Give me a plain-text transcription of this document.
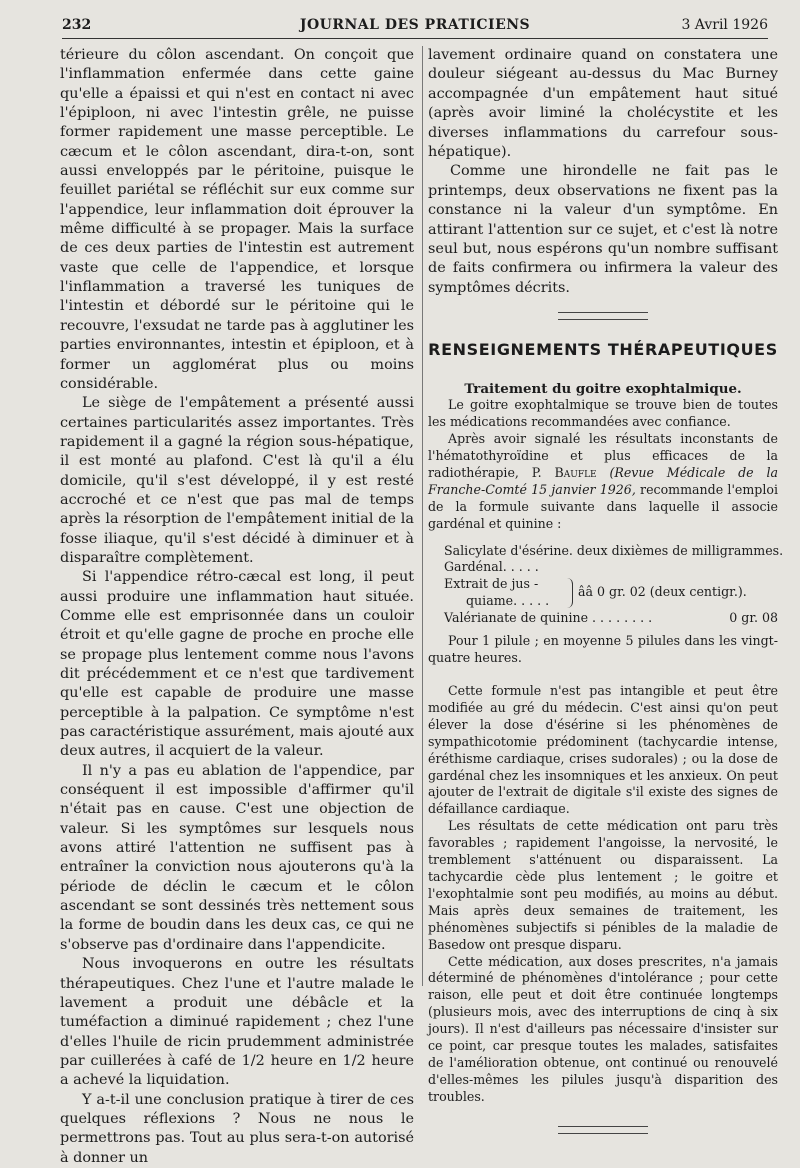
232	JOURNAL DES PRATICIENS	3 Avril 1926

térieure du côlon ascendant. On conçoit que l'inflammation enfermée dans cette gaine qu'elle a épaissi et qui n'est en contact ni avec l'épiploon, ni avec l'intestin grêle, ne puisse former rapidement une masse perceptible. Le cæcum et le côlon ascendant, dira-t-on, sont aussi enveloppés par le péritoine, puisque le feuillet pariétal se réfléchit sur eux comme sur l'appendice, leur inflammation doit éprouver la même difficulté à se propager. Mais la surface de ces deux parties de l'intestin est autrement vaste que celle de l'appendice, et lorsque l'inflammation a traversé les tuniques de l'intestin et débordé sur le péritoine qui le recouvre, l'exsudat ne tarde pas à agglutiner les parties environnantes, intestin et épiploon, et à former un agglomérat plus ou moins considérable.

Le siège de l'empâtement a présenté aussi certaines particularités assez importantes. Très rapidement il a gagné la région sous-hépatique, il est monté au plafond. C'est là qu'il a élu domicile, qu'il s'est développé, il y est resté accroché et ce n'est que pas mal de temps après la résorption de l'empâtement initial de la fosse iliaque, qu'il s'est décidé à diminuer et à disparaître complètement.

Si l'appendice rétro-cæcal est long, il peut aussi produire une inflammation haut située. Comme elle est emprisonnée dans un couloir étroit et qu'elle gagne de proche en proche elle se propage plus lentement comme nous l'avons dit précédemment et ce n'est que tardivement qu'elle est capable de produire une masse perceptible à la palpation. Ce symptôme n'est pas caractéristique assurément, mais ajouté aux deux autres, il acquiert de la valeur.

Il n'y a pas eu ablation de l'appendice, par conséquent il est impossible d'affirmer qu'il n'était pas en cause. C'est une objection de valeur. Si les symptômes sur lesquels nous avons attiré l'attention ne suffisent pas à entraîner la conviction nous ajouterons qu'à la période de déclin le cæcum et le côlon ascendant se sont dessinés très nettement sous la forme de boudin dans les deux cas, ce qui ne s'observe pas d'ordinaire dans l'appendicite.

Nous invoquerons en outre les résultats thérapeutiques. Chez l'une et l'autre malade le lavement a produit une débâcle et la tuméfaction a diminué rapidement ; chez l'une d'elles l'huile de ricin prudemment administrée par cuillerées à café de 1/2 heure en 1/2 heure a achevé la liquidation.

Y a-t-il une conclusion pratique à tirer de ces quelques réflexions ? Nous ne nous le permettrons pas. Tout au plus sera-t-on autorisé à donner un

lavement ordinaire quand on constatera une douleur siégeant au-dessus du Mac Burney accompagnée d'un empâtement haut situé (après avoir liminé la cholécystite et les diverses inflammations du carrefour sous-hépatique).

Comme une hirondelle ne fait pas le printemps, deux observations ne fixent pas la constance ni la valeur d'un symptôme. En attirant l'attention sur ce sujet, et c'est là notre seul but, nous espérons qu'un nombre suffisant de faits confirmera ou infirmera la valeur des symptômes décrits.

RENSEIGNEMENTS THÉRAPEUTIQUES
Traitement du goitre exophtalmique.

Le goitre exophtalmique se trouve bien de toutes les médications recommandées avec confiance.

Après avoir signalé les résultats inconstants de l'hématothyroïdine et plus efficaces de la radiothérapie, P. Baufle (Revue Médicale de la Franche-Comté 15 janvier 1926, recommande l'emploi de la formule suivante dans laquelle il associe gardénal et quinine :

Salicylate d'ésérine. deux dixièmes de milligrammes.
Gardénal. . . . .
Extrait de jus -
quiame. . . . .
ââ 0 gr. 02 (deux centigr.).
Valérianate de quinine . . . . . . . .	0 gr. 08

Pour 1 pilule ; en moyenne 5 pilules dans les vingt-quatre heures.

Cette formule n'est pas intangible et peut être modifiée au gré du médecin. C'est ainsi qu'on peut élever la dose d'ésérine si les phénomènes de sympathicotomie prédominent (tachycardie intense, éréthisme cardiaque, crises sudorales) ; ou la dose de gardénal chez les insomniques et les anxieux. On peut ajouter de l'extrait de digitale s'il existe des signes de défaillance cardiaque.

Les résultats de cette médication ont paru très favorables ; rapidement l'angoisse, la nervosité, le tremblement s'atténuent ou disparaissent. La tachycardie cède plus lentement ; le goitre et l'exophtalmie sont peu modifiés, au moins au début. Mais après deux semaines de traitement, les phénomènes subjectifs si pénibles de la maladie de Basedow ont presque disparu.

Cette médication, aux doses prescrites, n'a jamais déterminé de phénomènes d'intolérance ; pour cette raison, elle peut et doit être continuée longtemps (plusieurs mois, avec des interruptions de cinq à six jours). Il n'est d'ailleurs pas nécessaire d'insister sur ce point, car presque toutes les malades, satisfaites de l'amélioration obtenue, ont continué ou renouvelé d'elles-mêmes les pilules jusqu'à disparition des troubles.
